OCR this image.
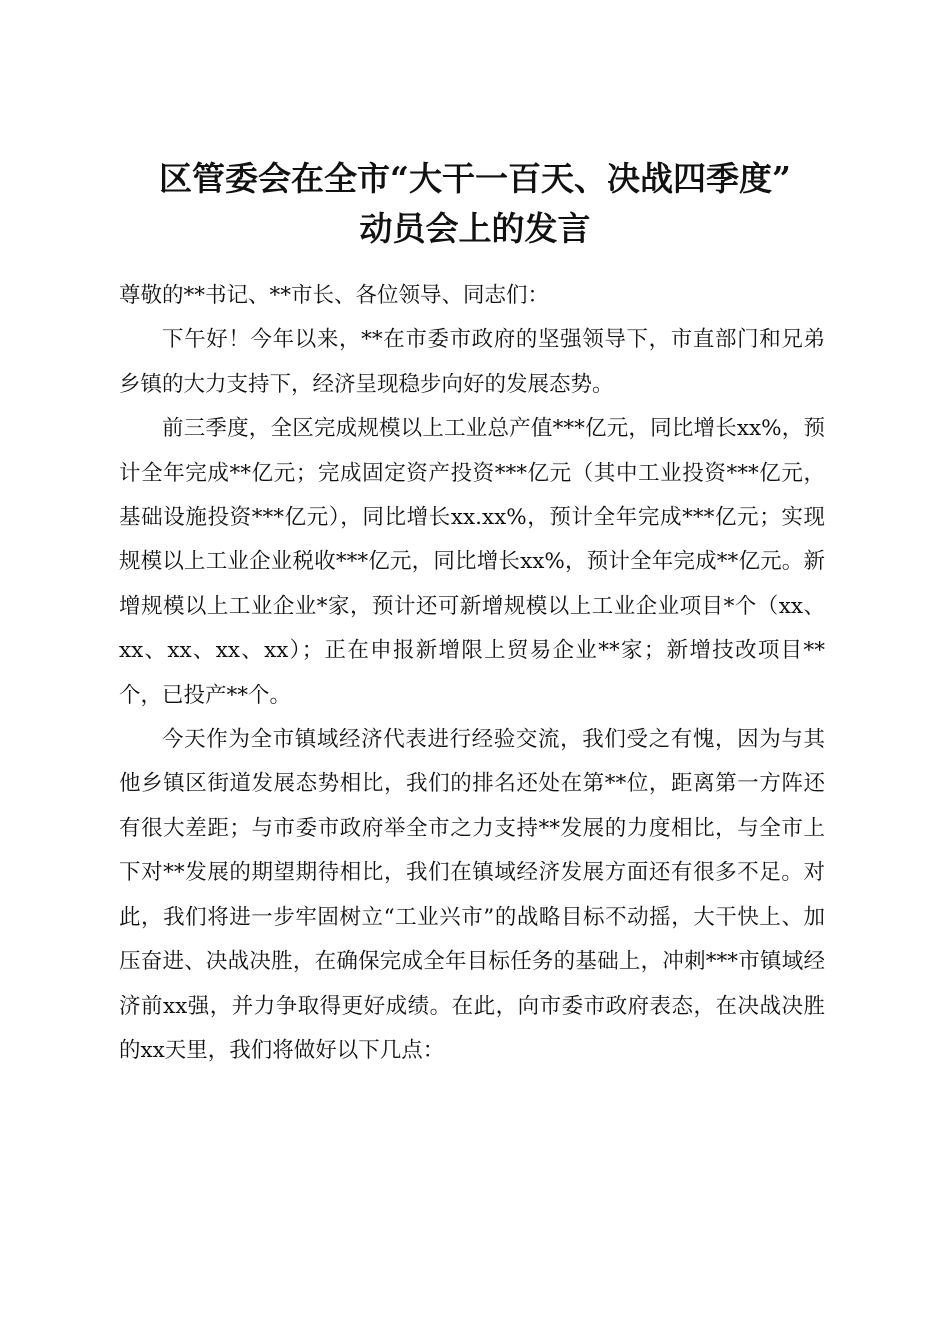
区管委会在全市“大干一百天、决战四季度”
动员会上的发言

尊敬的**书记、**市长、各位领导、同志们：

下午好！今年以来，**在市委市政府的坚强领导下，市直部门和兄弟乡镇的大力支持下，经济呈现稳步向好的发展态势。

前三季度，全区完成规模以上工业总产值***亿元，同比增长xx%，预计全年完成**亿元；完成固定资产投资***亿元（其中工业投资***亿元，基础设施投资***亿元），同比增长xx.xx%，预计全年完成***亿元；实现规模以上工业企业税收***亿元，同比增长xx%，预计全年完成**亿元。新增规模以上工业企业*家，预计还可新增规模以上工业企业项目*个（xx、xx、xx、xx、xx）；正在申报新增限上贸易企业**家；新增技改项目**个，已投产**个。

今天作为全市镇域经济代表进行经验交流，我们受之有愧，因为与其他乡镇区街道发展态势相比，我们的排名还处在第**位，距离第一方阵还有很大差距；与市委市政府举全市之力支持**发展的力度相比，与全市上下对**发展的期望期待相比，我们在镇域经济发展方面还有很多不足。对此，我们将进一步牢固树立“工业兴市”的战略目标不动摇，大干快上、加压奋进、决战决胜，在确保完成全年目标任务的基础上，冲刺***市镇域经济前xx强，并力争取得更好成绩。在此，向市委市政府表态，在决战决胜的xx天里，我们将做好以下几点：
